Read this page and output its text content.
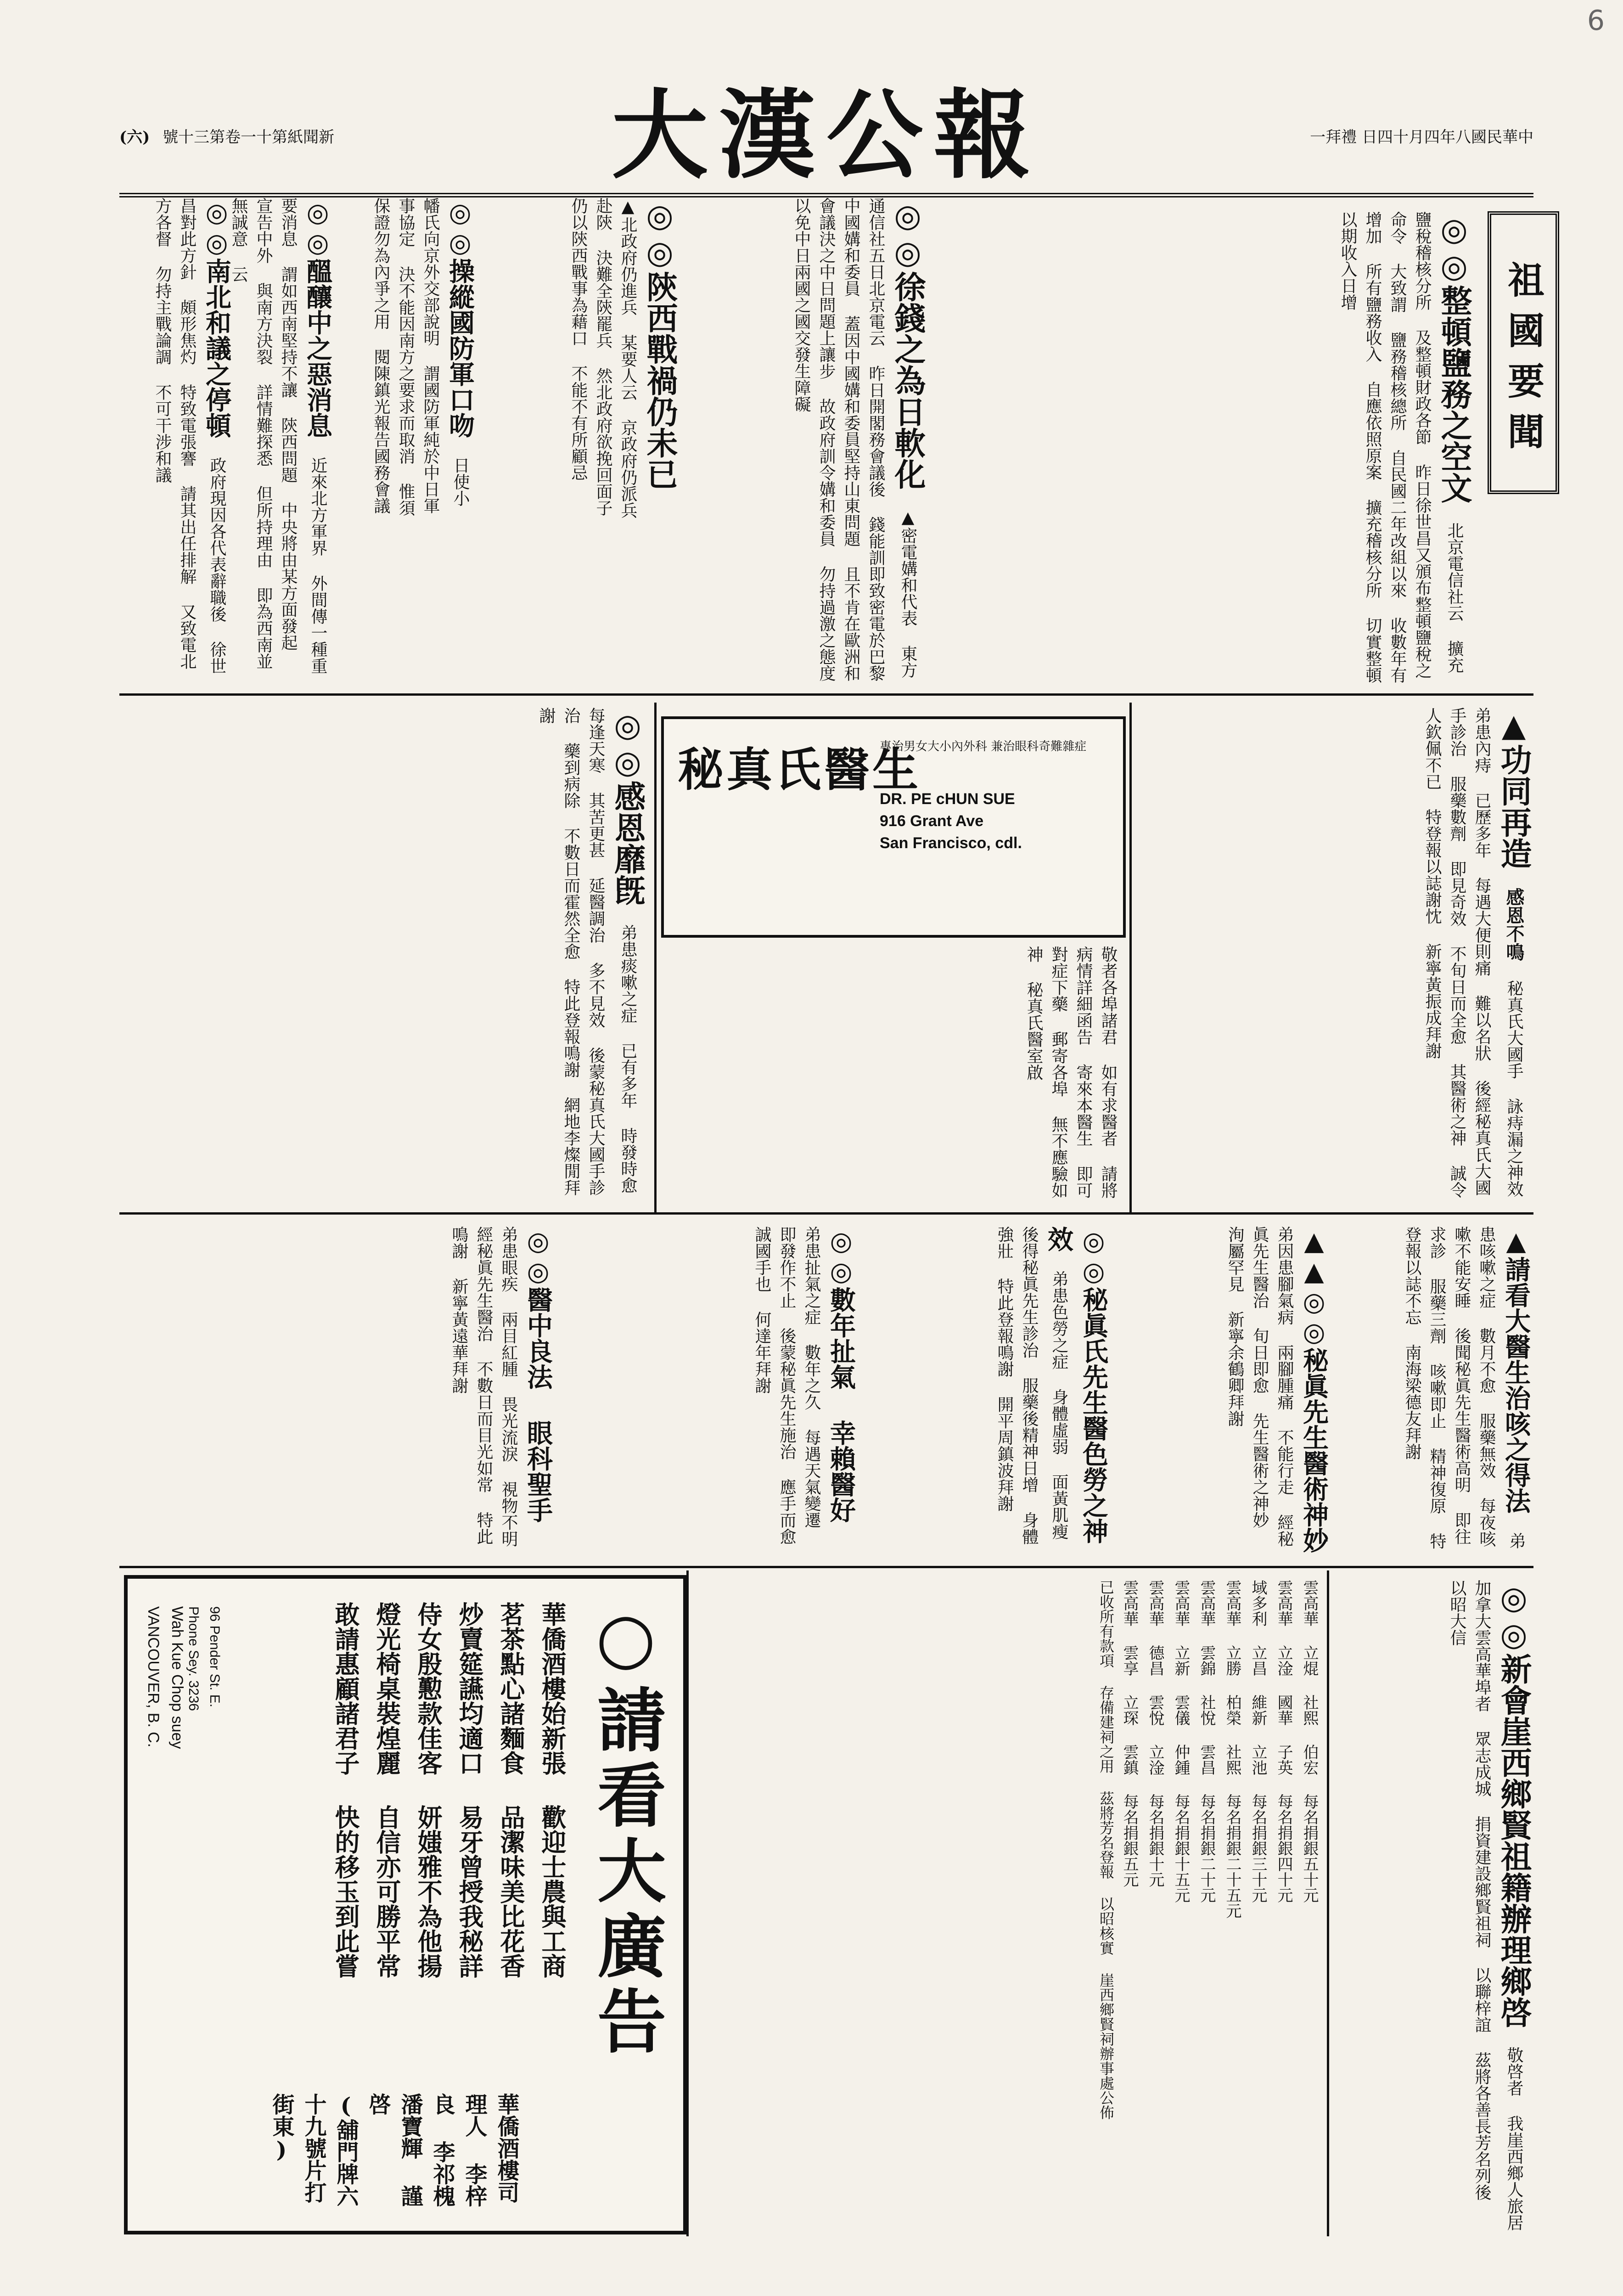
6
(六) 號十三第卷一十第紙聞新	大漢公報	一拜禮 日四十月四年八國民華中
祖國要聞
◎◎整頓鹽務之空文 北京電信社云 擴充鹽稅稽核分所 及整頓財政各節 昨日徐世昌又頒布整頓鹽稅之命令 大致謂 鹽務稽核總所 自民國二年改組以來 收數年有增加 所有鹽務收入 自應依照原案 擴充稽核分所 切實整頓 以期收入日增
◎◎徐錢之為日軟化 ▲密電媾和代表 東方通信社五日北京電云 昨日開閣務會議後 錢能訓即致密電於巴黎中國媾和委員 蓋因中國媾和委員堅持山東問題 且不肯在歐洲和會議決之中日問題上讓步 故政府訓令媾和委員 勿持過激之態度 以免中日兩國之國交發生障礙
◎◎陝西戰禍仍未已 ▲北政府仍進兵 某要人云 京政府仍派兵赴陝 決難全陝罷兵 然北政府欲挽回面子 仍以陝西戰事為藉口 不能不有所顧忌
◎◎操縱國防軍口吻 日使小幡氏向京外交部說明 謂國防軍純於中日軍事協定 決不能因南方之要求而取消 惟須保證勿為內爭之用 閱陳鎮光報告國務會議
◎◎醞釀中之惡消息 近來北方軍界 外間傳一種重要消息 謂如西南堅持不讓 陝西問題 中央將由某方面發起 宣告中外 與南方決裂 詳情難探悉 但所持理由 即為西南並無誠意 云
◎◎南北和議之停頓 政府現因各代表辭職後 徐世昌對此方針 頗形焦灼 特致電張謇 請其出任排解 又致電北方各督 勿持主戰論調 不可干涉和議
▲功同再造 感恩不鳴 秘真氏大國手 詠痔漏之神效 弟患內痔 已歷多年 每遇大便則痛 難以名狀 後經秘真氏大國手診治 服藥數劑 即見奇效 不旬日而全愈 其醫術之神 誠令人欽佩不已 特登報以誌謝忱 新寧黃振成拜謝
秘真氏醫生
專治男女大小內外科 兼治眼科奇難雜症
DR. PE cHUN SUE
916 Grant Ave
San Francisco, cdl.
敬者各埠諸君 如有求醫者 請將病情詳細函告 寄來本醫生 即可對症下藥 郵寄各埠 無不應驗如神 秘真氏醫室啟
◎◎感恩靡旣 弟患痰嗽之症 已有多年 時發時愈 每逢天寒 其苦更甚 延醫調治 多不見效 後蒙秘真氏大國手診治 藥到病除 不數日而霍然全愈 特此登報鳴謝 網地李燦閒拜謝
▲請看大醫生治咳之得法 弟患咳嗽之症 數月不愈 服藥無效 每夜咳嗽不能安睡 後聞秘眞先生醫術高明 即往求診 服藥三劑 咳嗽即止 精神復原 特登報以誌不忘 南海梁德友拜謝
▲▲◎◎秘眞先生醫術神妙 弟因患腳氣病 兩腳腫痛 不能行走 經秘眞先生醫治 旬日即愈 先生醫術之神妙 洵屬罕見 新寧余鶴卿拜謝
◎◎秘眞氏先生醫色勞之神效 弟患色勞之症 身體虛弱 面黃肌瘦 後得秘眞先生診治 服藥後精神日增 身體強壯 特此登報鳴謝 開平周鎮波拜謝
◎◎數年扯氣 幸賴醫好 弟患扯氣之症 數年之久 每遇天氣變遷 即發作不止 後蒙秘眞先生施治 應手而愈 誠國手也 何達年拜謝
◎◎醫中良法 眼科聖手 弟患眼疾 兩目紅腫 畏光流淚 視物不明 經秘眞先生醫治 不數日而目光如常 特此鳴謝 新寧黃遠華拜謝
◎◎新會崖西鄉賢祖籍辦理鄉啓 敬啓者 我崖西鄉人旅居加拿大雲高華埠者 眾志成城 捐資建設鄉賢祖祠 以聯梓誼 茲將各善長芳名列後 以昭大信
雲高華 立焜 社熙 伯宏 每名捐銀五十元
雲高華 立淦 國華 子英 每名捐銀四十元
域多利 立昌 維新 立池 每名捐銀三十元
雲高華 立勝 柏榮 社熙 每名捐銀二十五元
雲高華 雲錦 社悅 雲昌 每名捐銀二十元
雲高華 立新 雲儀 仲鍾 每名捐銀十五元
雲高華 德昌 雲悅 立淦 每名捐銀十元
雲高華 雲享 立琛 雲鎮 每名捐銀五元
已收所有款項 存備建祠之用 茲將芳名登報 以昭核實 崖西鄉賢祠辦事處公佈
○請看大廣告
華僑酒樓始新張 歡迎士農與工商
茗茶點心諸麵食 品潔味美比花香
炒賣筵讌均適口 易牙曾授我秘詳
侍女殷懃款佳客 妍媸雅不為他揚
燈光椅桌裝煌麗 自信亦可勝平常
敢請惠顧諸君子 快的移玉到此嘗
華僑酒樓司理人 李梓良 李祁槐 潘寶輝 謹啓
(舖門牌六十九號片打街東)
Wah Kue Chop suey
VANCOUVER, B. C.	96 Pender St. E.
Phone Sey. 3236
